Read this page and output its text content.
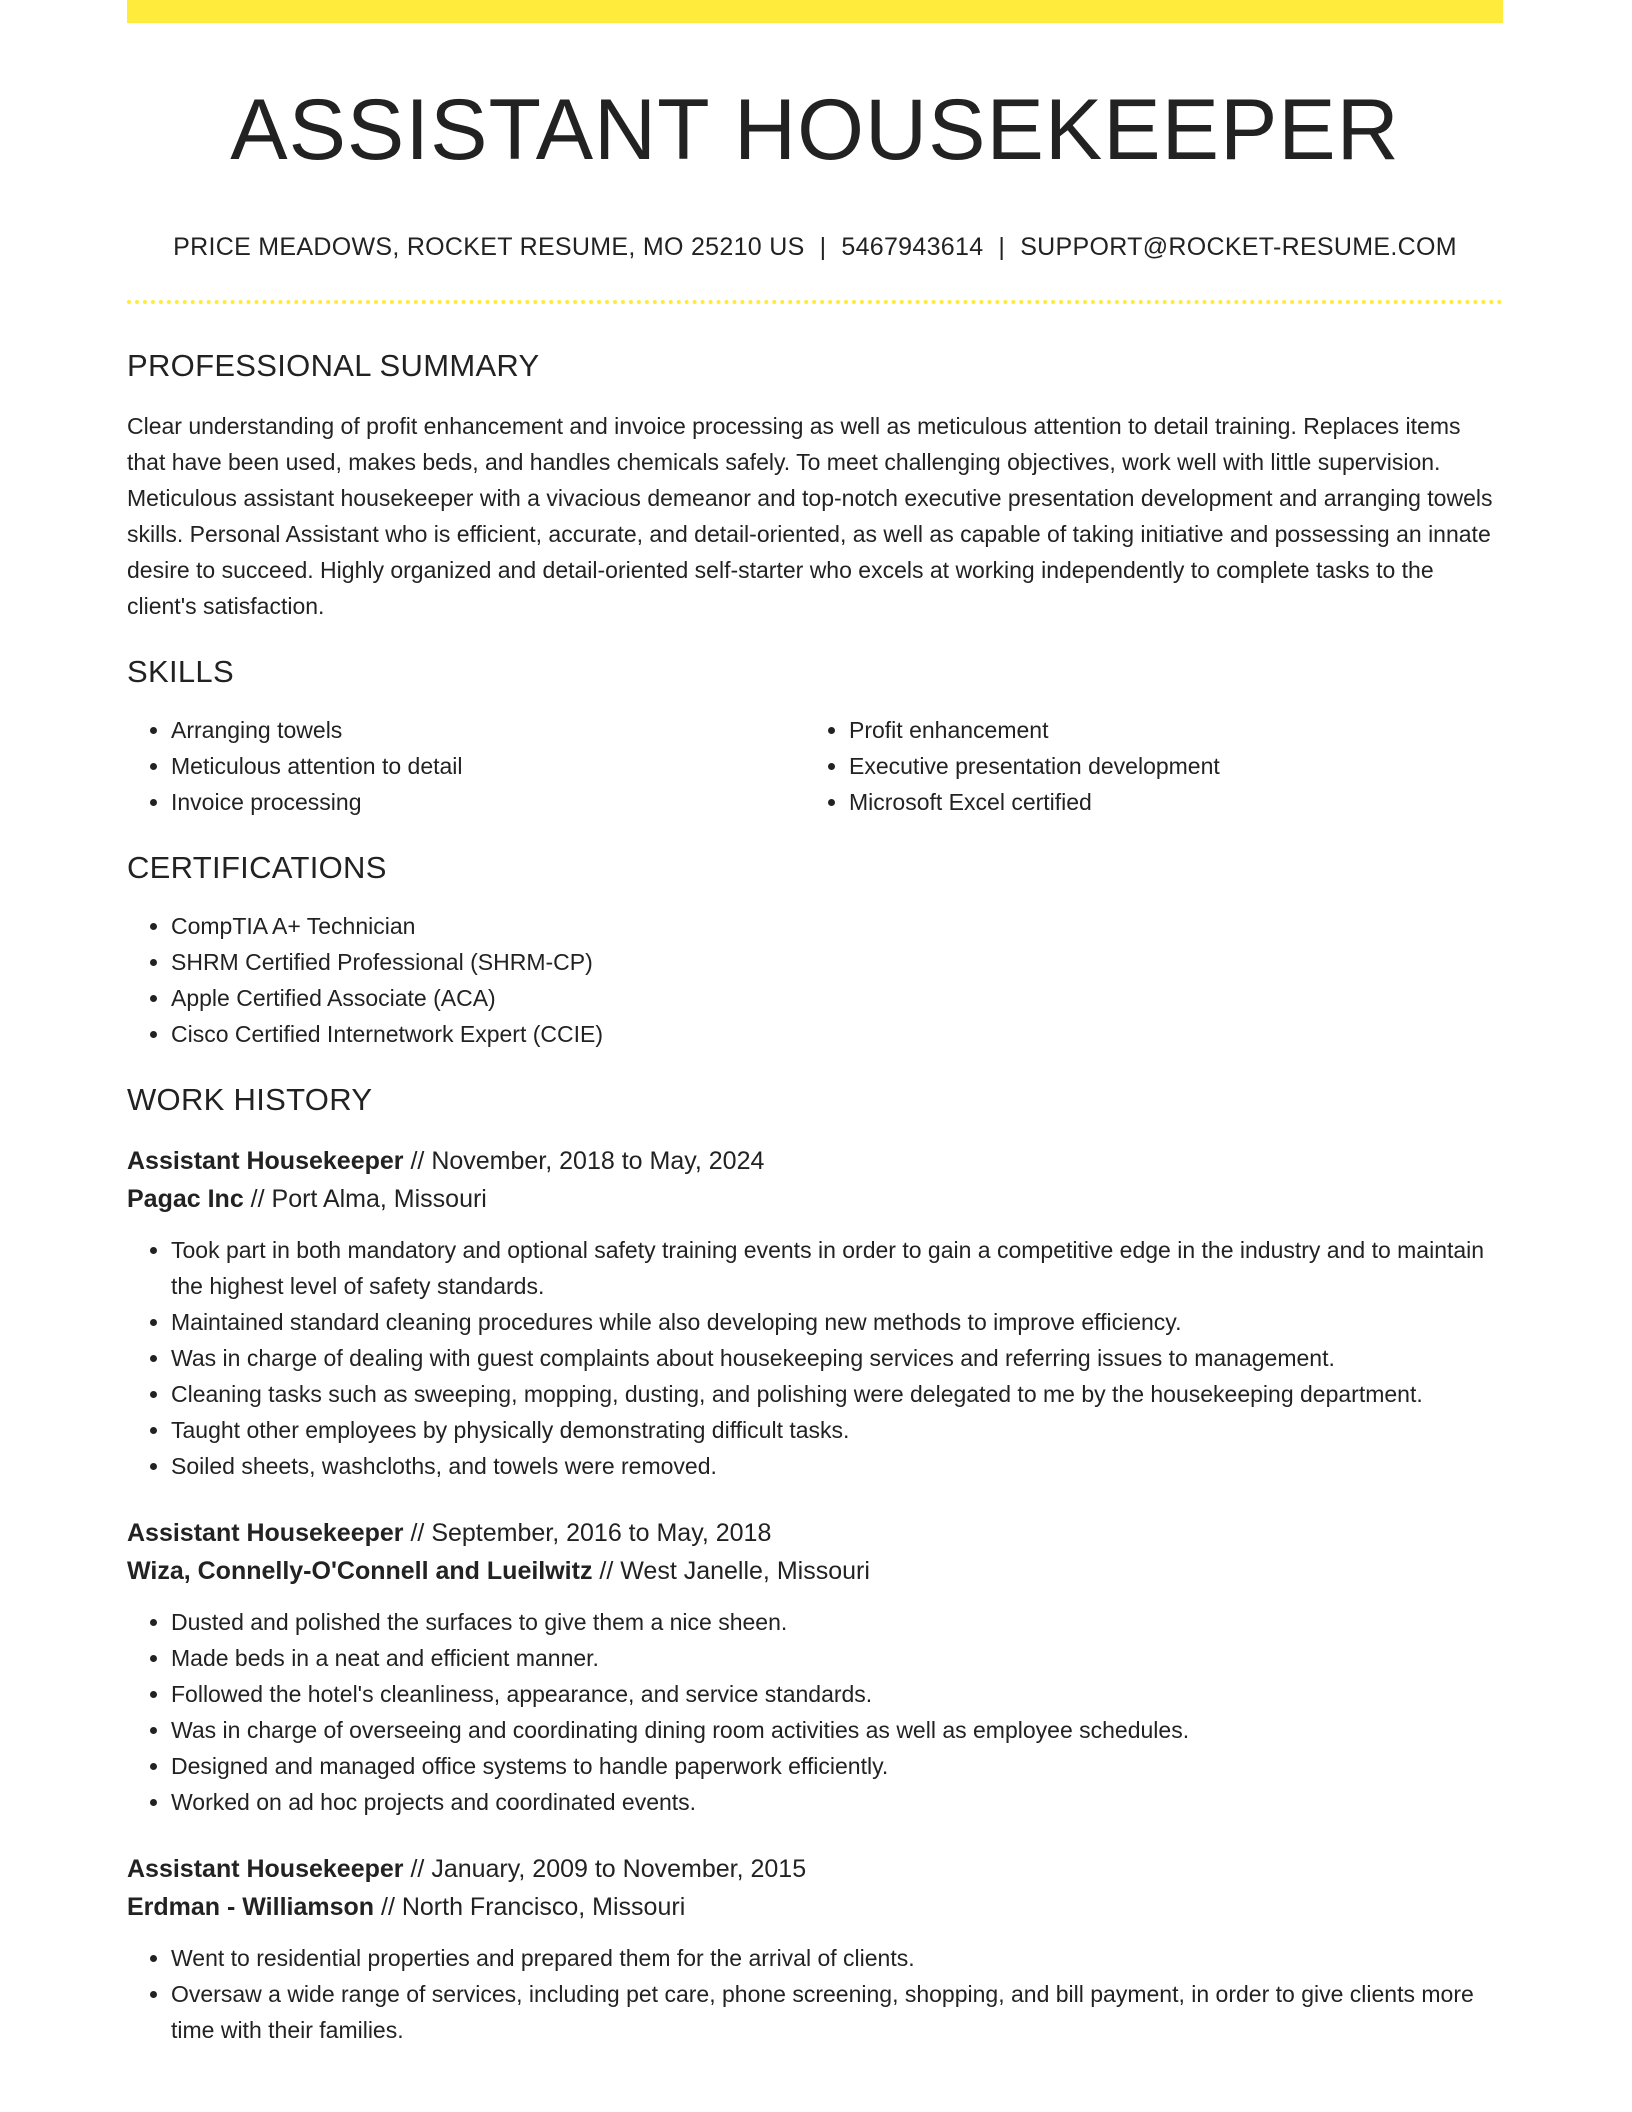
ASSISTANT HOUSEKEEPER
PRICE MEADOWS, ROCKET RESUME, MO 25210 US | 5467943614 | SUPPORT@ROCKET-RESUME.COM
PROFESSIONAL SUMMARY

Clear understanding of profit enhancement and invoice processing as well as meticulous attention to detail training. Replaces items that have been used, makes beds, and handles chemicals safely. To meet challenging objectives, work well with little supervision. Meticulous assistant housekeeper with a vivacious demeanor and top-notch executive presentation development and arranging towels skills. Personal Assistant who is efficient, accurate, and detail-oriented, as well as capable of taking initiative and possessing an innate desire to succeed. Highly organized and detail-oriented self-starter who excels at working independently to complete tasks to the client's satisfaction.

SKILLS
• Arranging towels
• Meticulous attention to detail
• Invoice processing
• Profit enhancement
• Executive presentation development
• Microsoft Excel certified
CERTIFICATIONS
• CompTIA A+ Technician
• SHRM Certified Professional (SHRM-CP)
• Apple Certified Associate (ACA)
• Cisco Certified Internetwork Expert (CCIE)
WORK HISTORY
Assistant Housekeeper // November, 2018 to May, 2024
Pagac Inc // Port Alma, Missouri
• Took part in both mandatory and optional safety training events in order to gain a competitive edge in the industry and to maintain the highest level of safety standards.
• Maintained standard cleaning procedures while also developing new methods to improve efficiency.
• Was in charge of dealing with guest complaints about housekeeping services and referring issues to management.
• Cleaning tasks such as sweeping, mopping, dusting, and polishing were delegated to me by the housekeeping department.
• Taught other employees by physically demonstrating difficult tasks.
• Soiled sheets, washcloths, and towels were removed.
Assistant Housekeeper // September, 2016 to May, 2018
Wiza, Connelly-O'Connell and Lueilwitz // West Janelle, Missouri
• Dusted and polished the surfaces to give them a nice sheen.
• Made beds in a neat and efficient manner.
• Followed the hotel's cleanliness, appearance, and service standards.
• Was in charge of overseeing and coordinating dining room activities as well as employee schedules.
• Designed and managed office systems to handle paperwork efficiently.
• Worked on ad hoc projects and coordinated events.
Assistant Housekeeper // January, 2009 to November, 2015
Erdman - Williamson // North Francisco, Missouri
• Went to residential properties and prepared them for the arrival of clients.
• Oversaw a wide range of services, including pet care, phone screening, shopping, and bill payment, in order to give clients more time with their families.
